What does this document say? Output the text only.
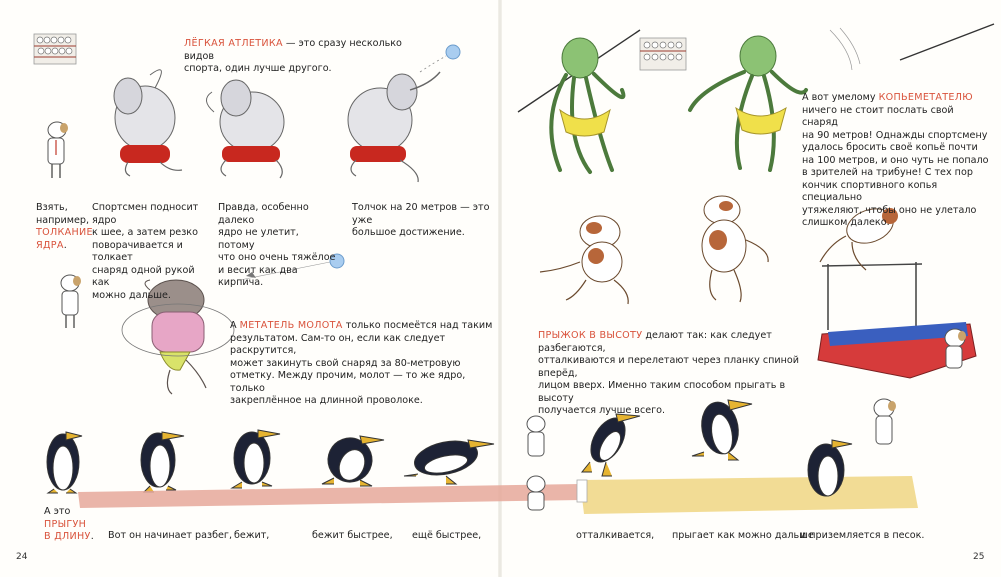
ЛЁГКАЯ АТЛЕТИКА — это сразу несколько видов

спорта, один лучше другого.

Взять,

например,

ТОЛКАНИЕ

ЯДРА.

Спортсмен подносит ядро

к шее, а затем резко

поворачивается и толкает

снаряд одной рукой как

можно дальше.

Правда, особенно далеко

ядро не улетит, потому

что оно очень тяжёлое

и весит как два

кирпича.

Толчок на 20 метров — это уже

большое достижение.

А МЕТАТЕЛЬ МОЛОТА только посмеётся над таким

результатом. Сам-то он, если как следует раскрутится,

может закинуть свой снаряд за 80-метровую

отметку. Между прочим, молот — то же ядро, только

закреплённое на длинной проволоке.

А это

ПРЫГУН

В ДЛИНУ.	Вот он начинает разбег, бежит,	бежит быстрее, ещё быстрее,
24

А вот умелому КОПЬЕМЕТАТЕЛЮ

ничего не стоит послать свой снаряд

на 90 метров! Однажды спортсмену

удалось бросить своё копьё почти

на 100 метров, и оно чуть не попало

в зрителей на трибуне! С тех пор

кончик спортивного копья специально

утяжеляют, чтобы оно не улетало

слишком далеко.

ПРЫЖОК В ВЫСОТУ делают так: как следует разбегаются,

отталкиваются и перелетают через планку спиной вперёд,

лицом вверх. Именно таким способом прыгать в высоту

получается лучше всего.

отталкивается, прыгает как можно дальше
и приземляется в песок.
25
